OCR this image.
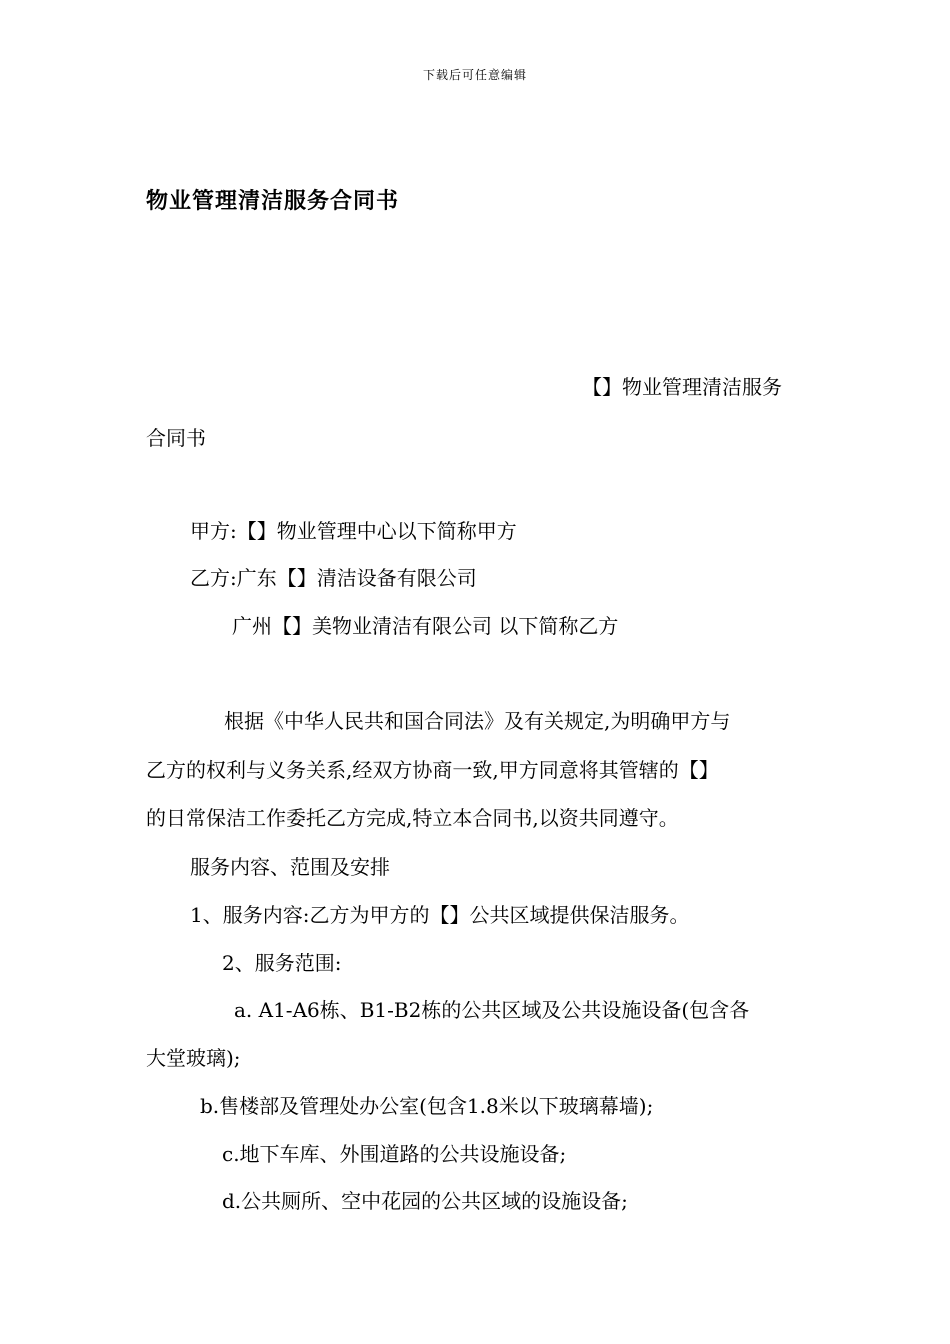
下载后可任意编辑
物业管理清洁服务合同书
【】物业管理清洁服务
合同书
甲方:【】物业管理中心以下简称甲方
乙方:广东【】清洁设备有限公司
广州【】美物业清洁有限公司 以下简称乙方
根据《中华人民共和国合同法》及有关规定,为明确甲方与
乙方的权利与义务关系,经双方协商一致,甲方同意将其管辖的【】
的日常保洁工作委托乙方完成,特立本合同书,以资共同遵守。
服务内容、范围及安排
1、服务内容:乙方为甲方的【】公共区域提供保洁服务。
2、服务范围:
a. A1-A6栋、B1-B2栋的公共区域及公共设施设备(包含各
大堂玻璃);
b.售楼部及管理处办公室(包含1.8米以下玻璃幕墙);
c.地下车库、外围道路的公共设施设备;
d.公共厕所、空中花园的公共区域的设施设备;
